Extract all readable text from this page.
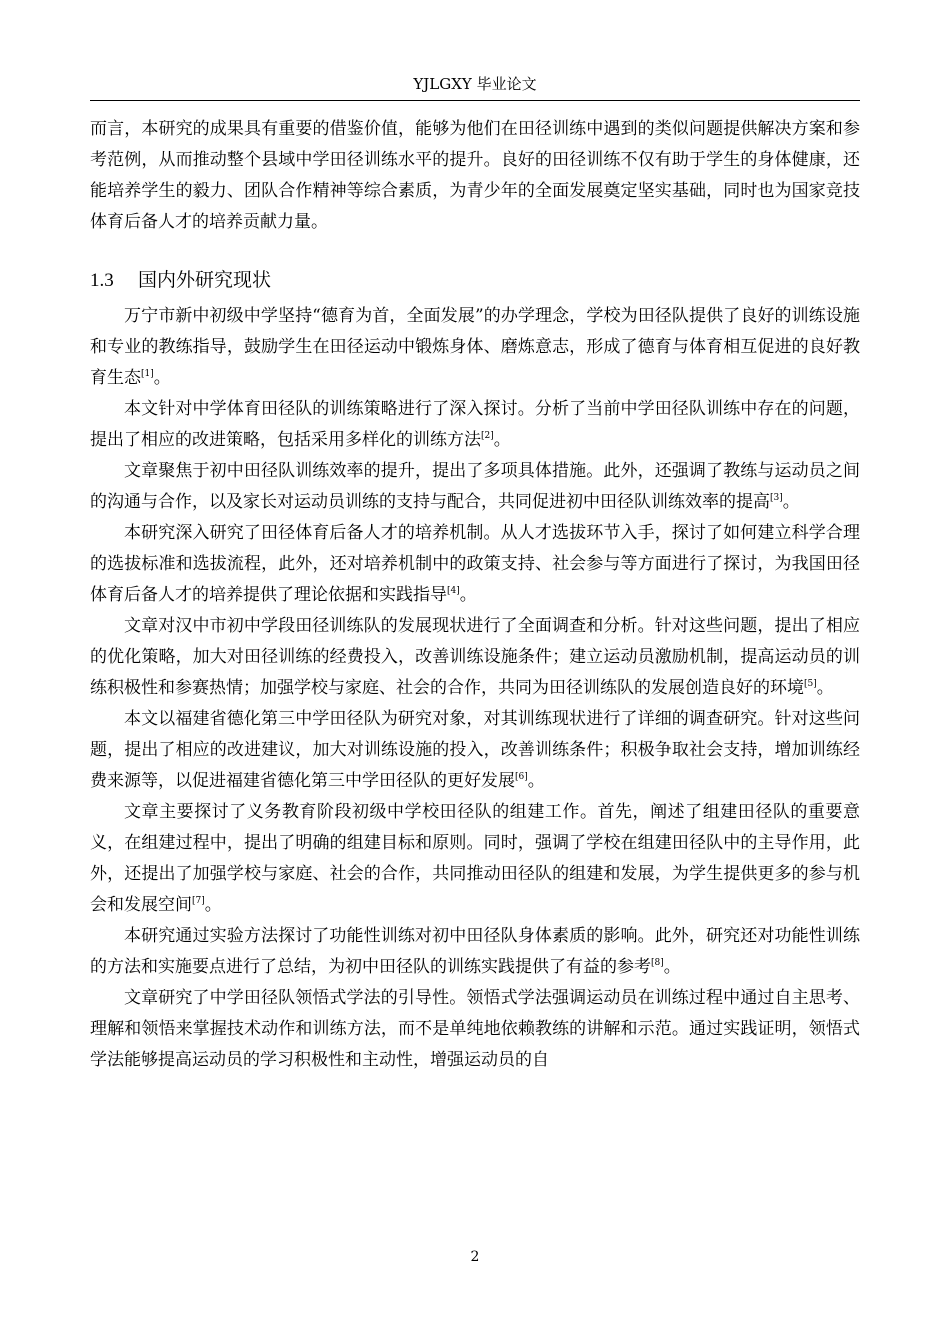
YJLGXY 毕业论文

而言，本研究的成果具有重要的借鉴价值，能够为他们在田径训练中遇到的类似问题提供解决方案和参考范例，从而推动整个县域中学田径训练水平的提升。良好的田径训练不仅有助于学生的身体健康，还能培养学生的毅力、团队合作精神等综合素质，为青少年的全面发展奠定坚实基础，同时也为国家竞技体育后备人才的培养贡献力量。

1.3 国内外研究现状

万宁市新中初级中学坚持“德育为首，全面发展”的办学理念，学校为田径队提供了良好的训练设施和专业的教练指导，鼓励学生在田径运动中锻炼身体、磨炼意志，形成了德育与体育相互促进的良好教育生态[1]。

本文针对中学体育田径队的训练策略进行了深入探讨。分析了当前中学田径队训练中存在的问题，提出了相应的改进策略，包括采用多样化的训练方法[2]。

文章聚焦于初中田径队训练效率的提升，提出了多项具体措施。此外，还强调了教练与运动员之间的沟通与合作，以及家长对运动员训练的支持与配合，共同促进初中田径队训练效率的提高[3]。

本研究深入研究了田径体育后备人才的培养机制。从人才选拔环节入手，探讨了如何建立科学合理的选拔标准和选拔流程，此外，还对培养机制中的政策支持、社会参与等方面进行了探讨，为我国田径体育后备人才的培养提供了理论依据和实践指导[4]。

文章对汉中市初中学段田径训练队的发展现状进行了全面调查和分析。针对这些问题，提出了相应的优化策略，加大对田径训练的经费投入，改善训练设施条件；建立运动员激励机制，提高运动员的训练积极性和参赛热情；加强学校与家庭、社会的合作，共同为田径训练队的发展创造良好的环境[5]。

本文以福建省德化第三中学田径队为研究对象，对其训练现状进行了详细的调查研究。针对这些问题，提出了相应的改进建议，加大对训练设施的投入，改善训练条件；积极争取社会支持，增加训练经费来源等，以促进福建省德化第三中学田径队的更好发展[6]。

文章主要探讨了义务教育阶段初级中学校田径队的组建工作。首先，阐述了组建田径队的重要意义，在组建过程中，提出了明确的组建目标和原则。同时，强调了学校在组建田径队中的主导作用，此外，还提出了加强学校与家庭、社会的合作，共同推动田径队的组建和发展，为学生提供更多的参与机会和发展空间[7]。

本研究通过实验方法探讨了功能性训练对初中田径队身体素质的影响。此外，研究还对功能性训练的方法和实施要点进行了总结，为初中田径队的训练实践提供了有益的参考[8]。

文章研究了中学田径队领悟式学法的引导性。领悟式学法强调运动员在训练过程中通过自主思考、理解和领悟来掌握技术动作和训练方法，而不是单纯地依赖教练的讲解和示范。通过实践证明，领悟式学法能够提高运动员的学习积极性和主动性，增强运动员的自

2
